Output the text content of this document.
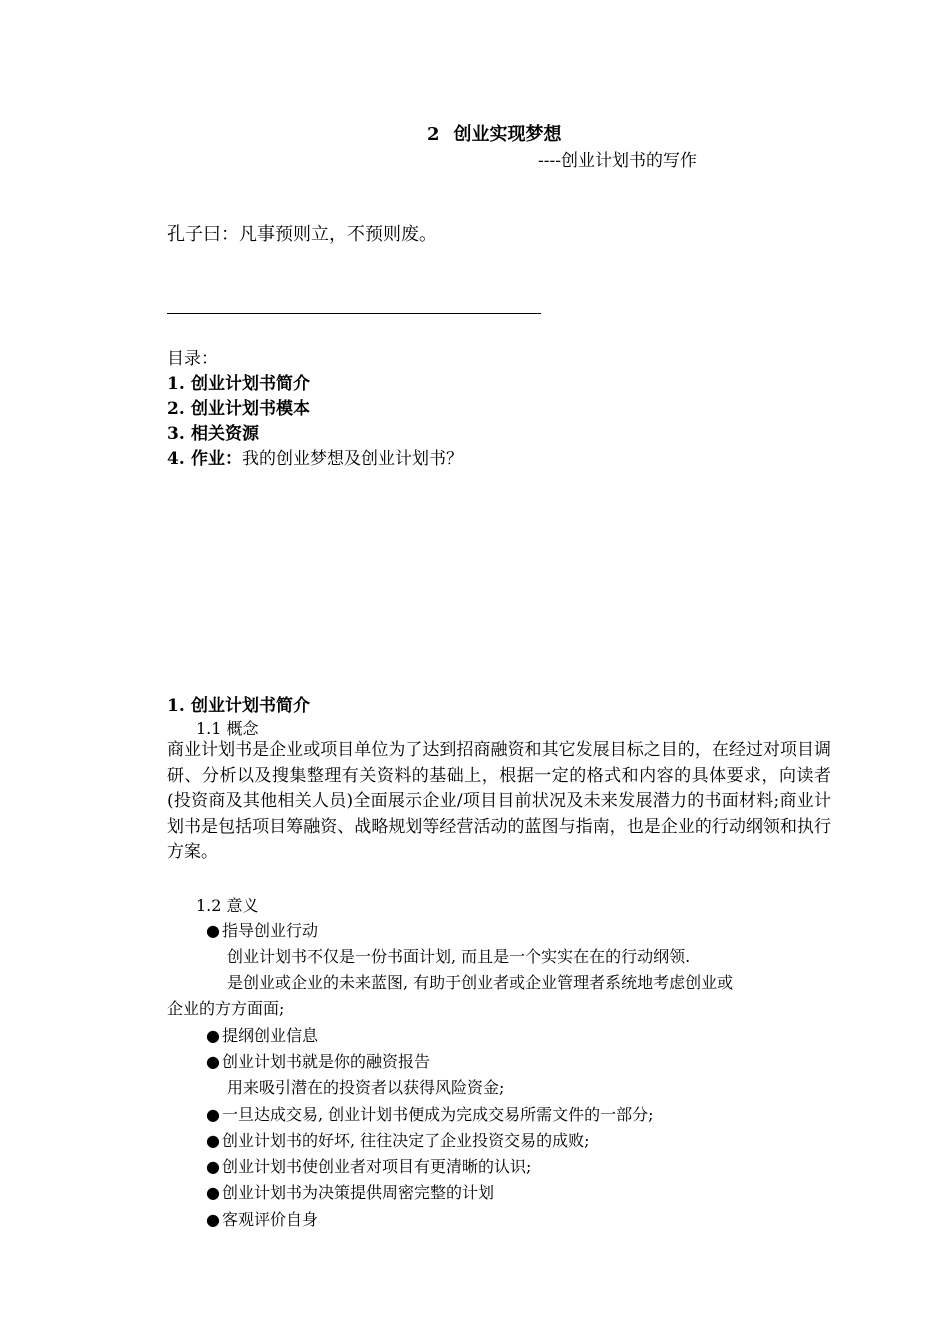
2 创业实现梦想
----创业计划书的写作
孔子曰：凡事预则立，不预则废。
目录：
1. 创业计划书简介
2. 创业计划书模本
3. 相关资源
4. 作业：我的创业梦想及创业计划书？
1. 创业计划书简介
1.1 概念
商业计划书是企业或项目单位为了达到招商融资和其它发展目标之目的，在经过对项目调研、分析以及搜集整理有关资料的基础上，根据一定的格式和内容的具体要求，向读者(投资商及其他相关人员)全面展示企业/项目目前状况及未来发展潜力的书面材料;商业计划书是包括项目筹融资、战略规划等经营活动的蓝图与指南，也是企业的行动纲领和执行方案。
1.2 意义
● 指导创业行动
创业计划书不仅是一份书面计划, 而且是一个实实在在的行动纲领.
是创业或企业的未来蓝图, 有助于创业者或企业管理者系统地考虑创业或
企业的方方面面;
● 提纲创业信息
● 创业计划书就是你的融资报告
用来吸引潜在的投资者以获得风险资金;
● 一旦达成交易, 创业计划书便成为完成交易所需文件的一部分;
● 创业计划书的好坏, 往往决定了企业投资交易的成败;
● 创业计划书使创业者对项目有更清晰的认识;
● 创业计划书为决策提供周密完整的计划
● 客观评价自身
